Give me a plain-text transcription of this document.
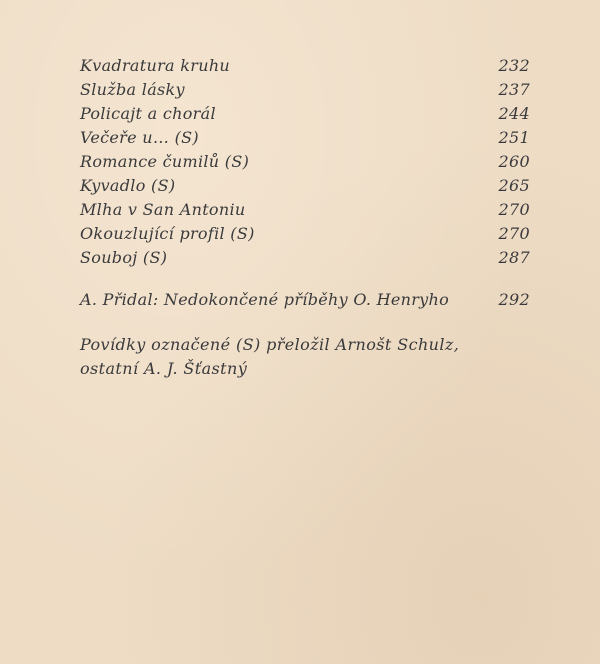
Kvadratura kruhu	232
Služba lásky	237
Policajt a chorál	244
Večeře u… (S)	251
Romance čumilů (S)	260
Kyvadlo (S)	265
Mlha v San Antoniu	270
Okouzlující profil (S)	270
Souboj (S)	287
A. Přidal: Nedokončené příběhy O. Henryho	292
Povídky označené (S) přeložil Arnošt Schulz,
ostatní A. J. Šťastný
